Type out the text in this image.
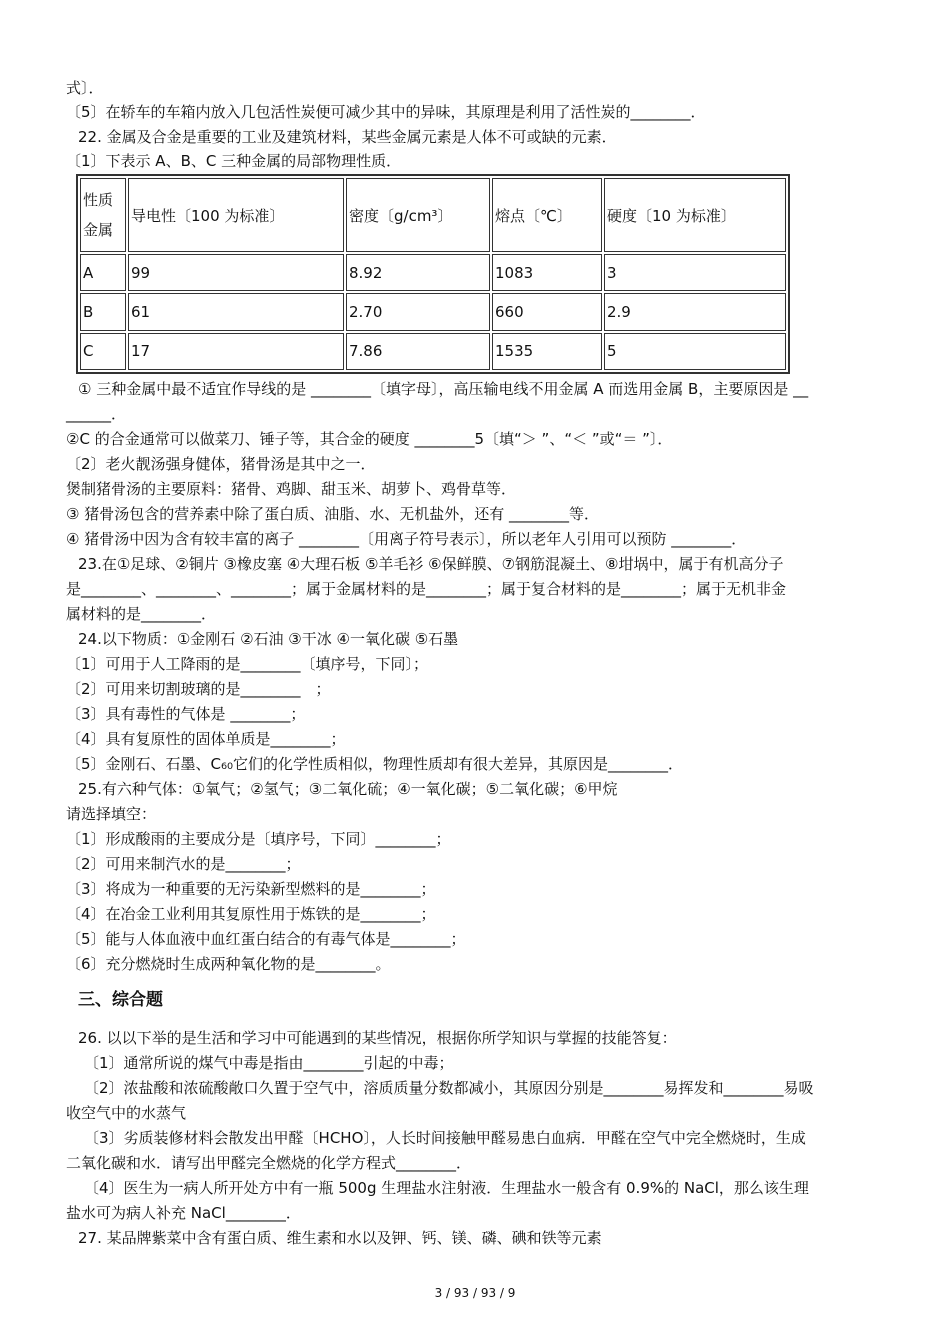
式〕．
〔5〕在轿车的车箱内放入几包活性炭便可减少其中的异味，其原理是利用了活性炭的________．
22. 金属及合金是重要的工业及建筑材料，某些金属元素是人体不可或缺的元素．
〔1〕下表示 A、B、C 三种金属的局部物理性质．
性质
金属	导电性〔100 为标准〕	密度〔g/cm³〕	熔点〔℃〕	硬度〔10 为标准〕
A	99	8.92	1083	3
B	61	2.70	660	2.9
C	17	7.86	1535	5
① 三种金属中最不适宜作导线的是 ________〔填字母〕，高压输电线不用金属 A 而选用金属 B，主要原因是 __
______．
②C 的合金通常可以做菜刀、锤子等，其合金的硬度 ________5〔填“＞ ”、“＜ ”或“＝ ”〕．
〔2〕老火靓汤强身健体，猪骨汤是其中之一．
煲制猪骨汤的主要原料：猪骨、鸡脚、甜玉米、胡萝卜、鸡骨草等．
③ 猪骨汤包含的营养素中除了蛋白质、油脂、水、无机盐外，还有 ________等．
④ 猪骨汤中因为含有较丰富的离子 ________〔用离子符号表示〕，所以老年人引用可以预防 ________．
23.在①足球、②铜片 ③橡皮塞 ④大理石板 ⑤羊毛衫 ⑥保鲜膜、⑦钢筋混凝土、⑧坩埚中，属于有机高分子
是________、________、________；属于金属材料的是________；属于复合材料的是________；属于无机非金
属材料的是________．
24.以下物质：①金刚石 ②石油 ③干冰 ④一氧化碳 ⑤石墨
〔1〕可用于人工降雨的是________〔填序号，下同〕；
〔2〕可用来切割玻璃的是________　；
〔3〕具有毒性的气体是 ________；
〔4〕具有复原性的固体单质是________；
〔5〕金刚石、石墨、C₆₀它们的化学性质相似，物理性质却有很大差异，其原因是________．
25.有六种气体：①氧气；②氢气；③二氧化硫；④一氧化碳；⑤二氧化碳；⑥甲烷
请选择填空：
〔1〕形成酸雨的主要成分是〔填序号，下同〕________；
〔2〕可用来制汽水的是________；
〔3〕将成为一种重要的无污染新型燃料的是________；
〔4〕在冶金工业利用其复原性用于炼铁的是________；
〔5〕能与人体血液中血红蛋白结合的有毒气体是________；
〔6〕充分燃烧时生成两种氧化物的是________。
三、综合题
26. 以以下举的是生活和学习中可能遇到的某些情况，根据你所学知识与掌握的技能答复：
〔1〕通常所说的煤气中毒是指由________引起的中毒；
〔2〕浓盐酸和浓硫酸敞口久置于空气中，溶质质量分数都减小，其原因分别是________易挥发和________易吸
收空气中的水蒸气
〔3〕劣质装修材料会散发出甲醛〔HCHO〕，人长时间接触甲醛易患白血病．甲醛在空气中完全燃烧时，生成
二氧化碳和水．请写出甲醛完全燃烧的化学方程式________．
〔4〕医生为一病人所开处方中有一瓶 500g 生理盐水注射液．生理盐水一般含有 0.9%的 NaCl，那么该生理
盐水可为病人补充 NaCl________．
27. 某品牌紫菜中含有蛋白质、维生素和水以及钾、钙、镁、磷、碘和铁等元素
3 / 93 / 93 / 9
